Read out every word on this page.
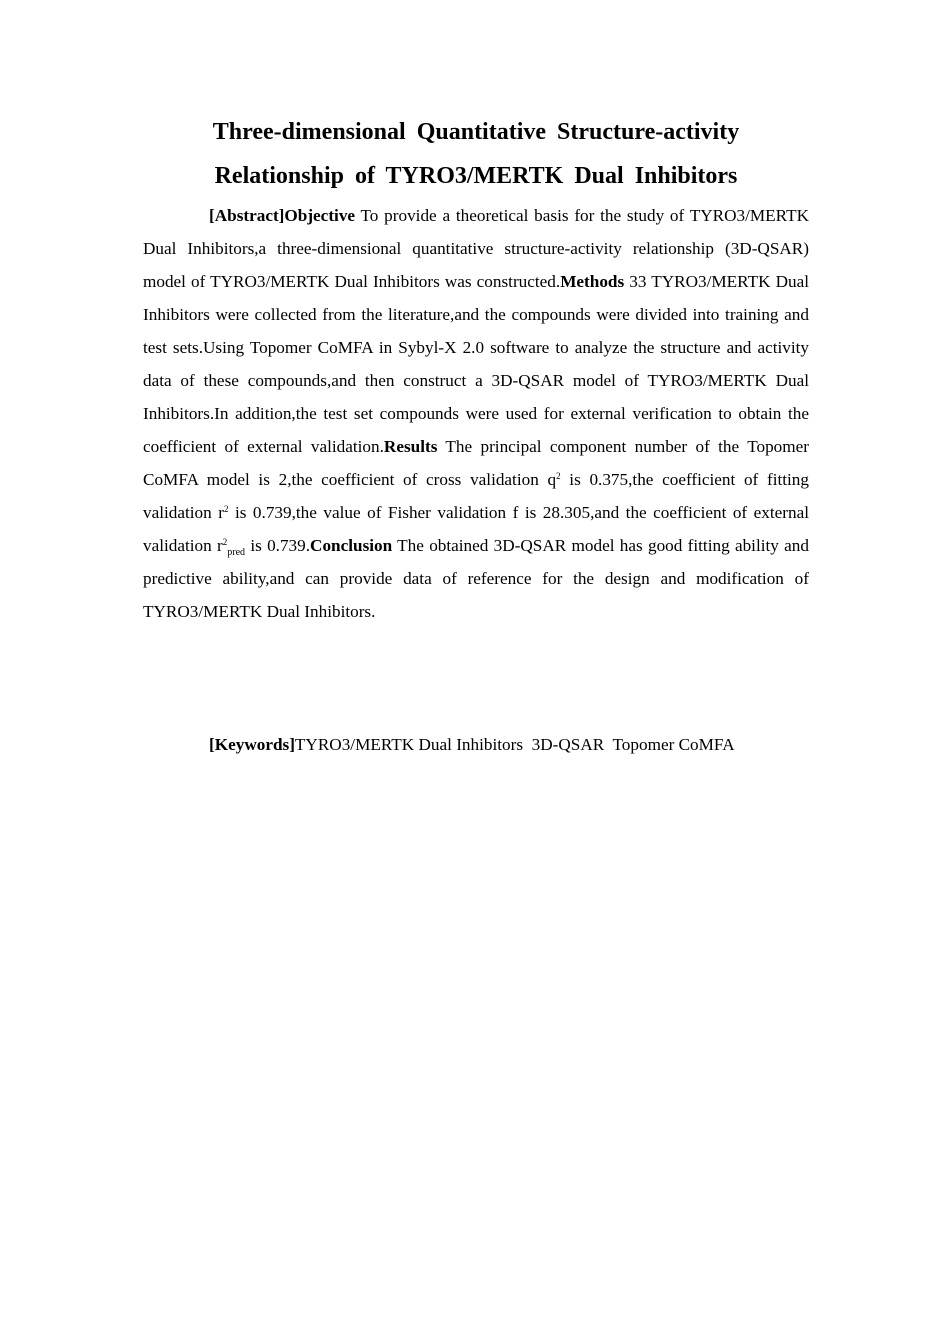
Three-dimensional Quantitative Structure-activity
Relationship of TYRO3/MERTK Dual Inhibitors

[Abstract]Objective To provide a theoretical basis for the study of TYRO3/MERTK Dual Inhibitors,a three-dimensional quantitative structure-activity relationship (3D-QSAR) model of TYRO3/MERTK Dual Inhibitors was constructed.Methods 33 TYRO3/MERTK Dual Inhibitors were collected from the literature,and the compounds were divided into training and test sets.Using Topomer CoMFA in Sybyl-X 2.0 software to analyze the structure and activity data of these compounds,and then construct a 3D-QSAR model of TYRO3/MERTK Dual Inhibitors.In addition,the test set compounds were used for external verification to obtain the coefficient of external validation.Results The principal component number of the Topomer CoMFA model is 2,the coefficient of cross validation $q^2$ is 0.375,the coefficient of fitting validation $r^2$ is 0.739,the value of Fisher validation f is 28.305,and the coefficient of external validation $r^2_{pred}$ is 0.739.Conclusion The obtained 3D-QSAR model has good fitting ability and predictive ability,and can provide data of reference for the design and modification of TYRO3/MERTK Dual Inhibitors.

[Keywords]TYRO3/MERTK Dual Inhibitors  3D-QSAR  Topomer CoMFA
